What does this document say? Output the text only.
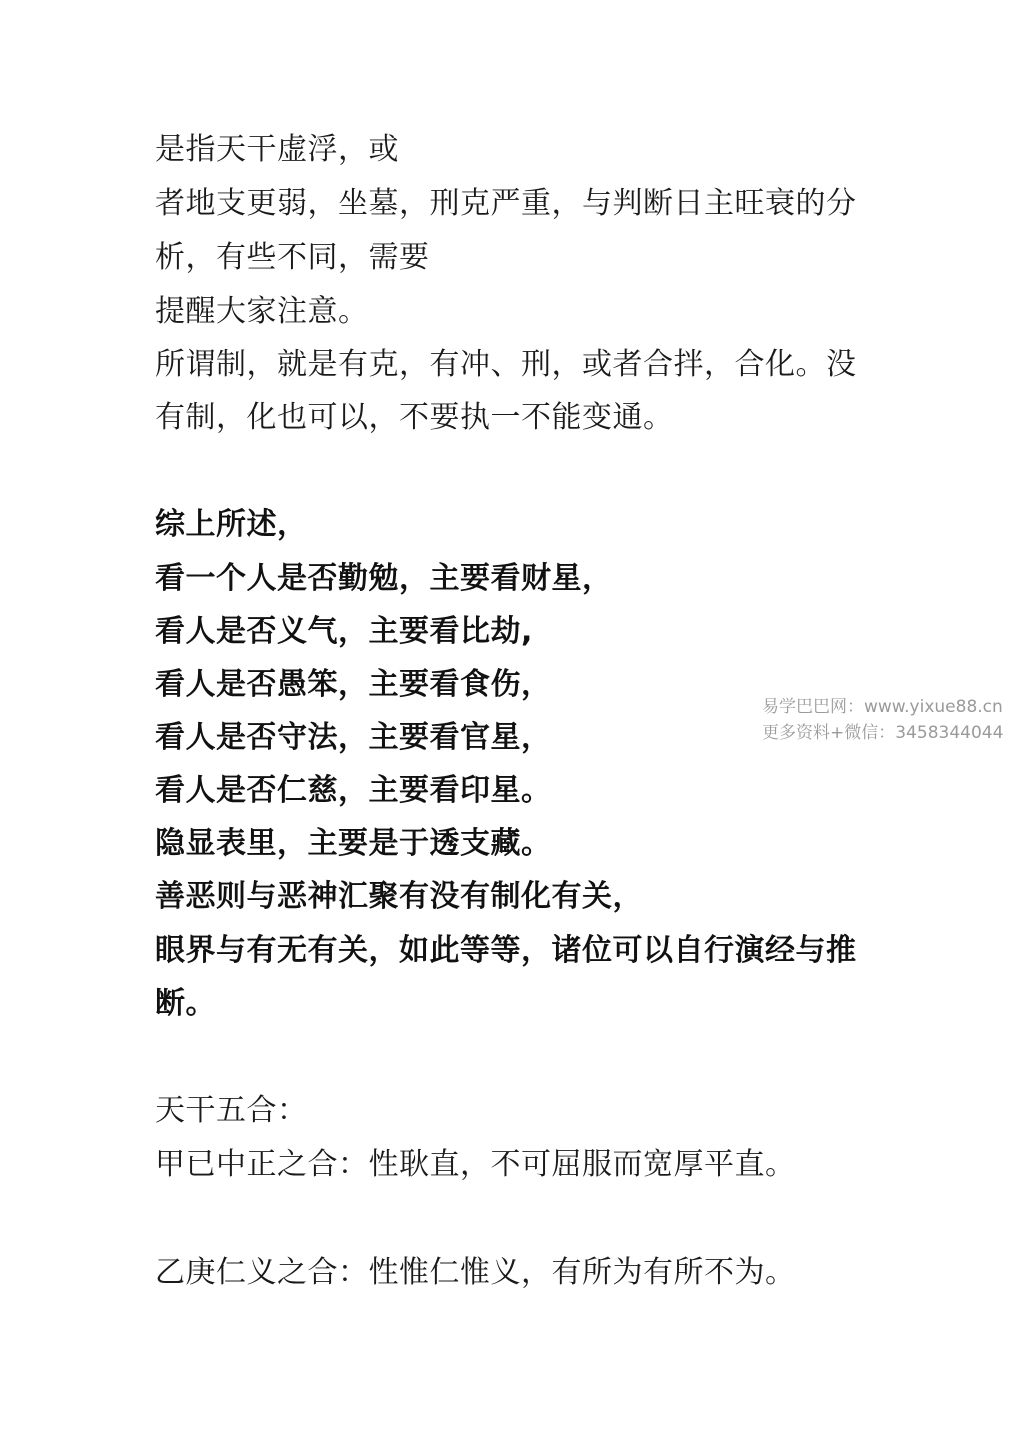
是指天干虚浮，或
者地支更弱，坐墓，刑克严重，与判断日主旺衰的分
析，有些不同，需要
提醒大家注意。
所谓制，就是有克，有冲、刑，或者合拌，合化。没
有制，化也可以，不要执一不能变通。
综上所述，
看一个人是否勤勉，主要看财星，
看人是否义气，主要看比劫,
看人是否愚笨，主要看食伤，
看人是否守法，主要看官星，
看人是否仁慈，主要看印星。
隐显表里，主要是于透支藏。
善恶则与恶神汇聚有没有制化有关，
眼界与有无有关，如此等等，诸位可以自行演经与推
断。
天干五合：
甲已中正之合：性耿直，不可屈服而宽厚平直。
乙庚仁义之合：性惟仁惟义，有所为有所不为。
易学巴巴网：www.yixue88.cn
更多资料+微信：3458344044
